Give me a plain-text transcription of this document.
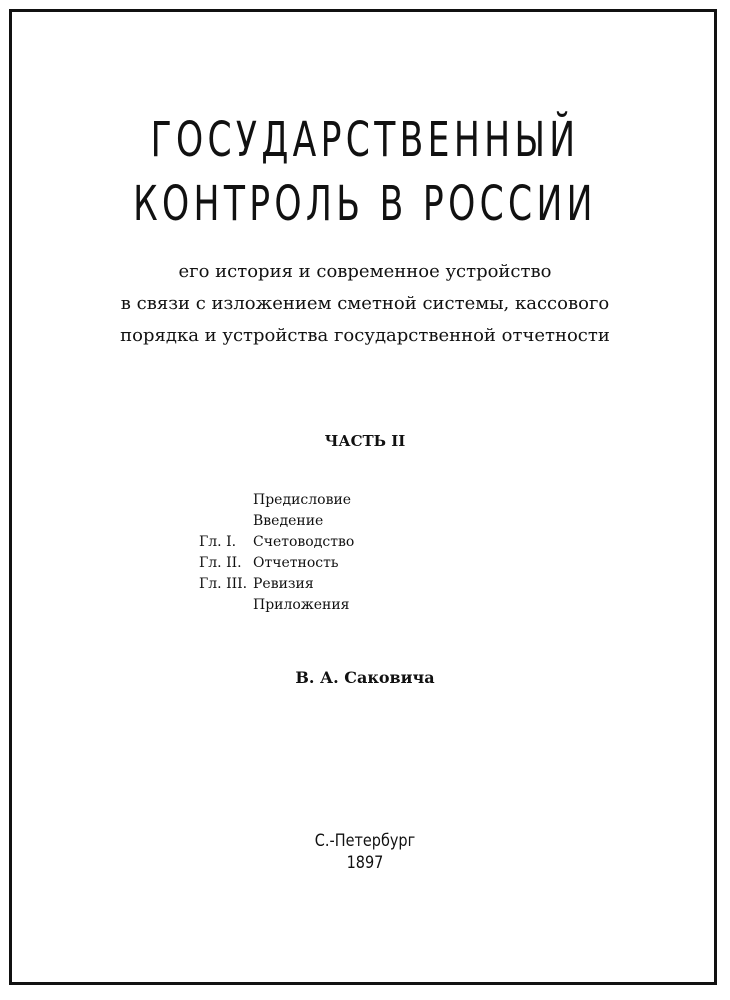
ГОСУДАРСТВЕННЫЙ
КОНТРОЛЬ В РОССИИ
его история и современное устройство
в связи с изложением сметной системы, кассового
порядка и устройства государственной отчетности
ЧАСТЬ II
Предисловие
Введение
Гл. I.	Счетоводство
Гл. II. Отчетность
Гл. III. Ревизия
Приложения
В. А. Саковича
С.-Петербург
1897
